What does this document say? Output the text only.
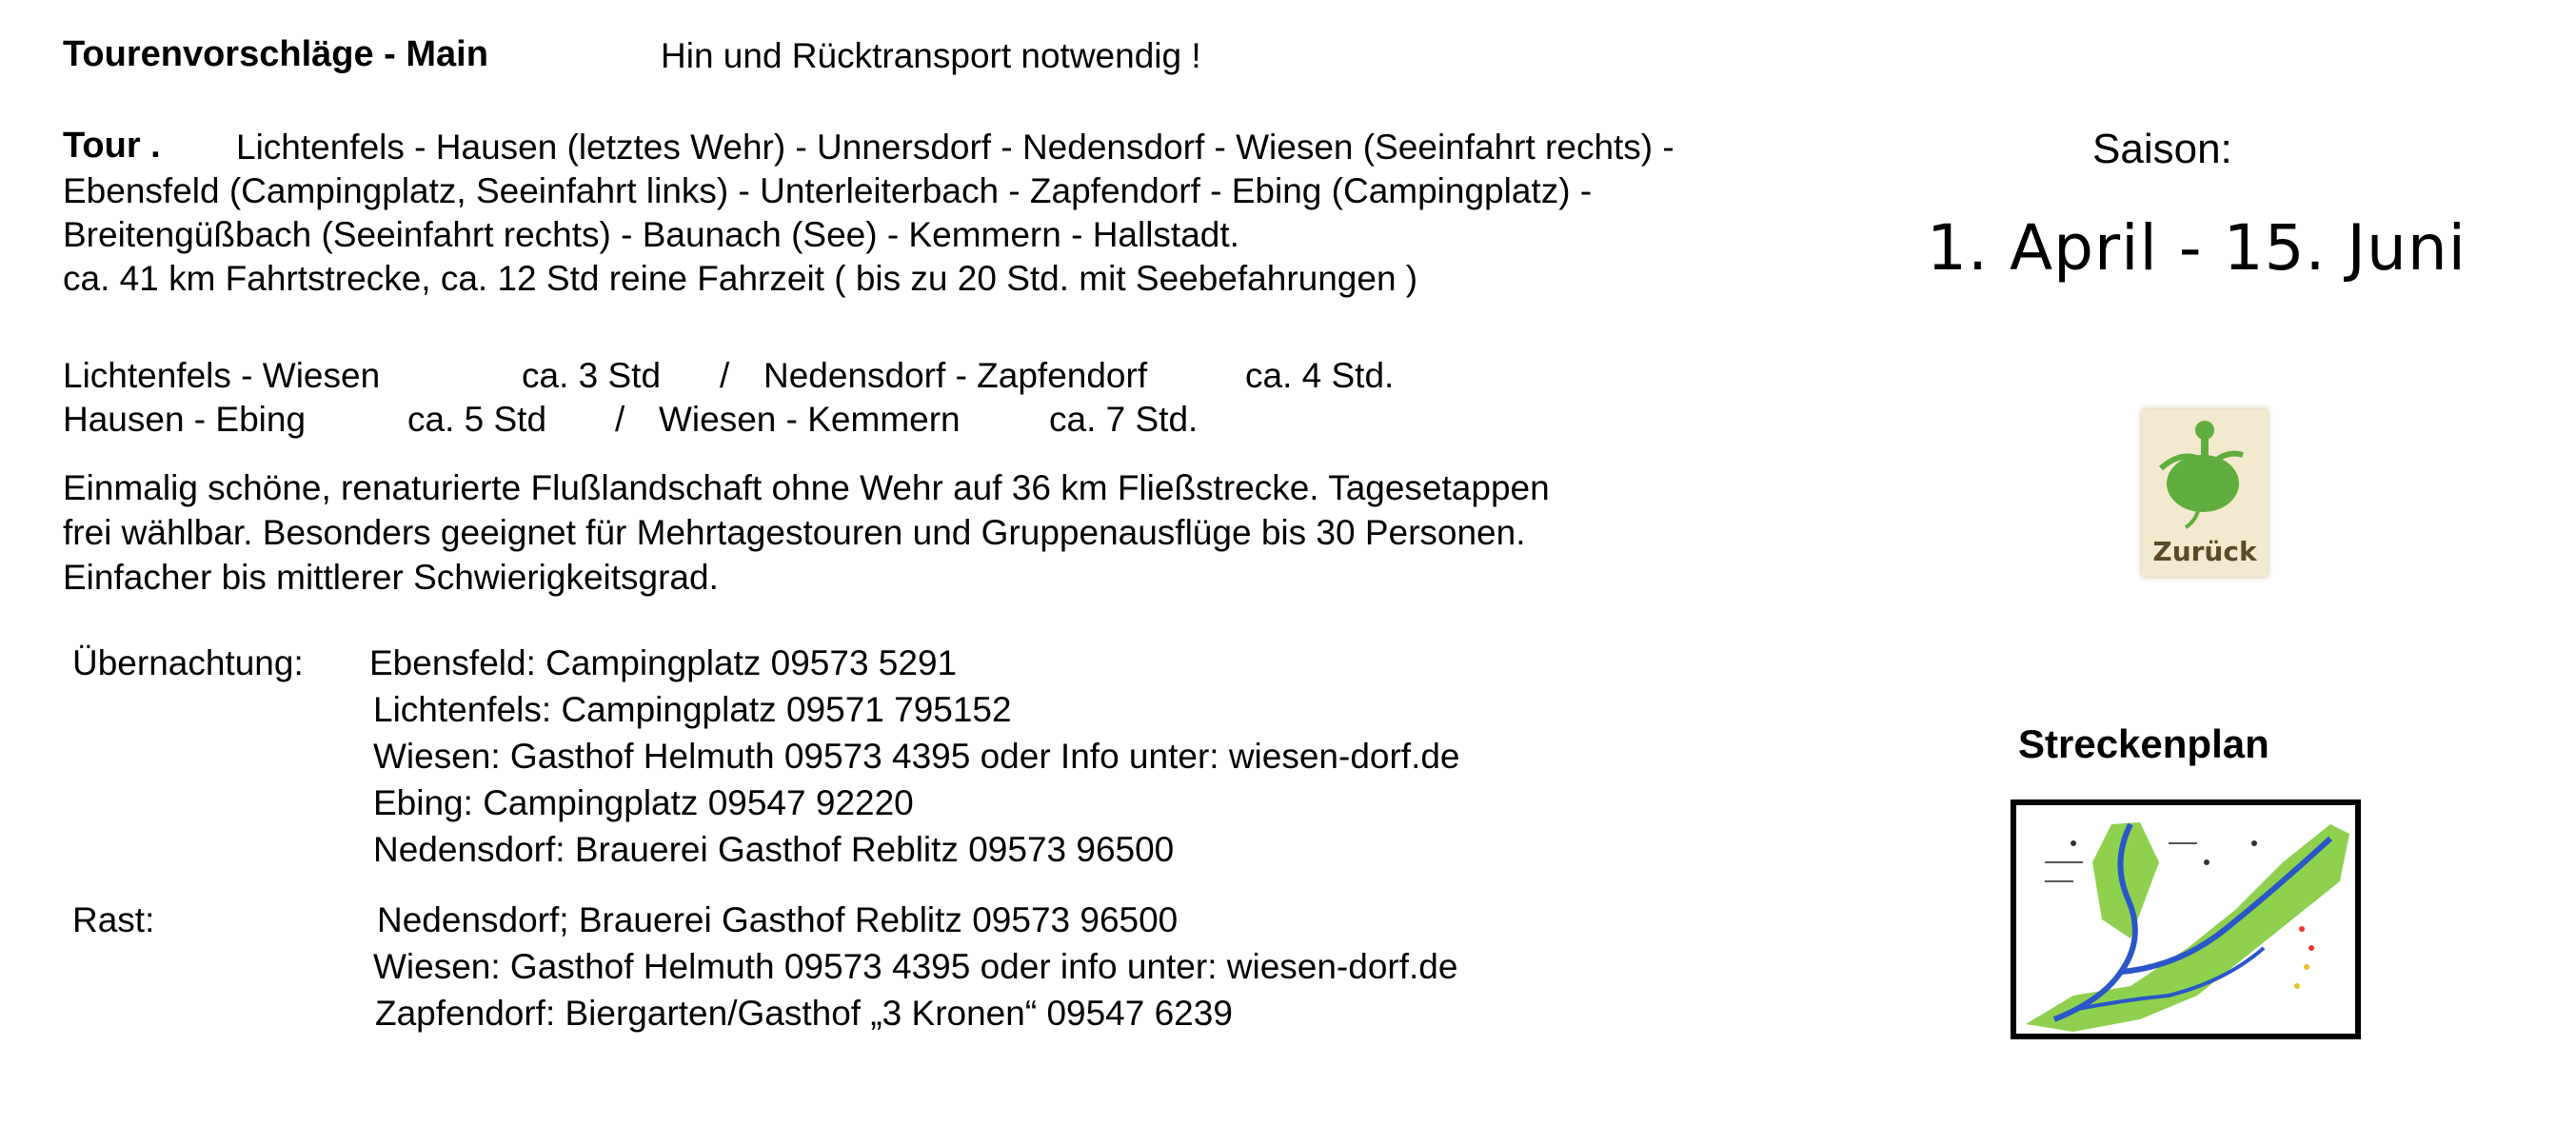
Tourenvorschläge - Main	Hin und Rücktransport notwendig !
Tour . Lichtenfels - Hausen (letztes Wehr) - Unnersdorf - Nedensdorf - Wiesen (Seeinfahrt rechts) -
Ebensfeld (Campingplatz, Seeinfahrt links) - Unterleiterbach - Zapfendorf - Ebing (Campingplatz) -
Breitengüßbach (Seeinfahrt rechts) - Baunach (See) - Kemmern - Hallstadt.
ca. 41 km Fahrtstrecke, ca. 12 Std reine Fahrzeit ( bis zu 20 Std. mit Seebefahrungen )
Lichtenfels - Wiesen	ca. 3 Std / Nedensdorf - Zapfendorf	ca. 4 Std.
Hausen - Ebing	ca. 5 Std / Wiesen - Kemmern	ca. 7 Std.
Einmalig schöne, renaturierte Flußlandschaft ohne Wehr auf 36 km Fließstrecke. Tagesetappen
frei wählbar. Besonders geeignet für Mehrtagestouren und Gruppenausflüge bis 30 Personen.
Einfacher bis mittlerer Schwierigkeitsgrad.
Übernachtung: Ebensfeld: Campingplatz 09573 5291
Lichtenfels: Campingplatz 09571 795152
Wiesen: Gasthof Helmuth 09573 4395 oder Info unter: wiesen-dorf.de
Ebing: Campingplatz 09547 92220
Nedensdorf: Brauerei Gasthof Reblitz 09573 96500
Rast:	Nedensdorf; Brauerei Gasthof Reblitz 09573 96500
Wiesen: Gasthof Helmuth 09573 4395 oder info unter: wiesen-dorf.de
Zapfendorf: Biergarten/Gasthof „3 Kronen“ 09547 6239
Saison:
1. April - 15. Juni
Zurück
Streckenplan
